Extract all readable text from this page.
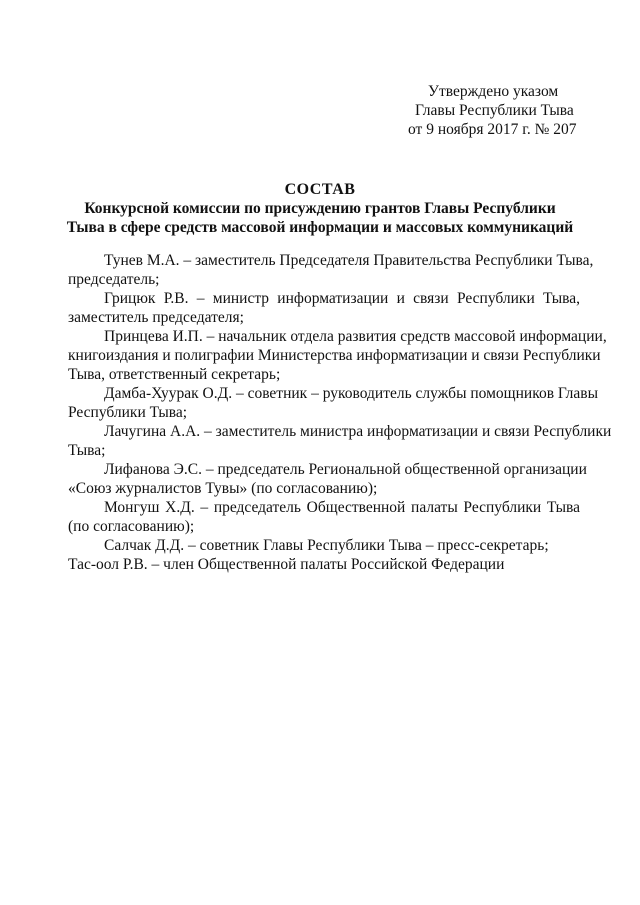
Утверждено указом
Главы Республики Тыва
от 9 ноября 2017 г. № 207
СОСТАВ
Конкурсной комиссии по присуждению грантов Главы Республики
Тыва в сфере средств массовой информации и массовых коммуникаций
Тунев М.А. – заместитель Председателя Правительства Республики Тыва,
председатель;
Грицюк Р.В. – министр информатизации и связи Республики Тыва,
заместитель председателя;
Принцева И.П. – начальник отдела развития средств массовой информации,
книгоиздания и полиграфии Министерства информатизации и связи Республики
Тыва, ответственный секретарь;
Дамба-Хуурак О.Д. – советник – руководитель службы помощников Главы
Республики Тыва;
Лачугина А.А. – заместитель министра информатизации и связи Республики
Тыва;
Лифанова Э.С. – председатель Региональной общественной организации
«Союз журналистов Тувы» (по согласованию);
Монгуш Х.Д. – председатель Общественной палаты Республики Тыва
(по согласованию);
Салчак Д.Д. – советник Главы Республики Тыва – пресс-секретарь;
Тас-оол Р.В. – член Общественной палаты Российской Федерации
